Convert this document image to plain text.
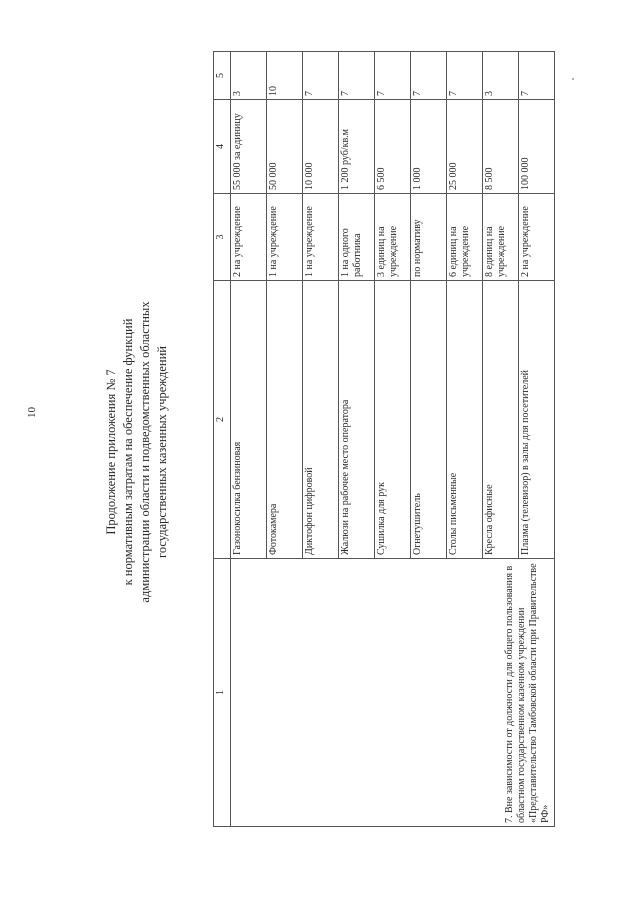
10	Продолжение приложения № 7 к нормативным затратам на обеспечение функций администрации области и подведомственных областных государственных казенных учреждений
1	2	3	4	5
7. Вне зависимости от должности для общего пользования в областном государственном казенном учреждении «Представительство Тамбовской области при Правительстве РФ»	Газонокосилка бензиновая	2 на учреждение	55 000 за единицу	3
	Фотокамера	1 на учреждение	50 000	10
	Диктофон цифровой	1 на учреждение	10 000	7
	Жалюзи на рабочее место оператора	1 на одного работника	1 200 руб/кв.м	7
	Сушилка для рук	3 единиц на учреждение	6 500	7
	Огнетушитель	по нормативу	1 000	7
	Столы письменные	6 единиц на учреждение	25 000	7
	Кресла офисные	8 единиц на учреждение	8 500	3
	Плазма (телевизор) в залы для посетителей	2 на учреждение	100 000	7
